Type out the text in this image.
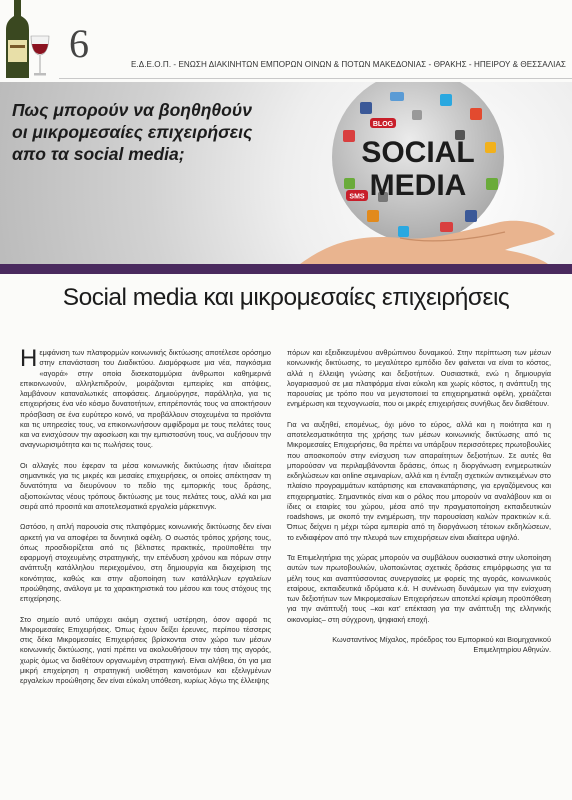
6	Ε.Δ.Ε.Ο.Π. - ΕΝΩΣΗ ΔΙΑΚΙΝΗΤΩΝ ΕΜΠΟΡΩΝ ΟΙΝΩΝ & ΠΟΤΩΝ ΜΑΚΕΔΟΝΙΑΣ - ΘΡΑΚΗΣ - ΗΠΕΙΡΟΥ & ΘΕΣΣΑΛΙΑΣ
Πως μπορούν να βοηθηθούν
οι μικρομεσαίες επιχειρήσεις
απο τα social media;
BLOG
SMS
SOCIAL
MEDIA
Social media και μικρομεσαίες επιχειρήσεις

Ηεμφάνιση των πλατφορμών κοινωνικής δικτύωσης αποτέλεσε ορόσημο στην επανάσταση του Διαδικτύου. Διαμόρφωσε μια νέα, παγκόσμια «αγορά» στην οποία δισεκατομμύρια άνθρωποι καθημερινά επικοινωνούν, αλληλεπιδρούν, μοιράζονται εμπειρίες και απόψεις, λαμβάνουν καταναλωτικές αποφάσεις. Δημιούργησε, παράλληλα, για τις επιχειρήσεις ένα νέο κόσμο δυνατοτήτων, επιτρέποντάς τους να αποκτήσουν πρόσβαση σε ένα ευρύτερο κοινό, να προβάλλουν στοχευμένα τα προϊόντα και τις υπηρεσίες τους, να επικοινωνήσουν αμφίδρομα με τους πελάτες τους και να ενισχύσουν την αφοσίωση και την εμπιστοσύνη τους, να αυξήσουν την αναγνωρισιμότητα και τις πωλήσεις τους.

Οι αλλαγές που έφεραν τα μέσα κοινωνικής δικτύωσης ήταν ιδιαίτερα σημαντικές για τις μικρές και μεσαίες επιχειρήσεις, οι οποίες απέκτησαν τη δυνατότητα να διευρύνουν το πεδίο της εμπορικής τους δράσης, αξιοποιώντας νέους τρόπους δικτύωσης με τους πελάτες τους, αλλά και μια σειρά από προσιτά και αποτελεσματικά εργαλεία μάρκετινγκ.

Ωστόσο, η απλή παρουσία στις πλατφόρμες κοινωνικής δικτύωσης δεν είναι αρκετή για να αποφέρει τα δυνητικά οφέλη. Ο σωστός τρόπος χρήσης τους, όπως προσδιορίζεται από τις βέλτιστες πρακτικές, προϋποθέτει την εφαρμογή στοχευμένης στρατηγικής, την επένδυση χρόνου και πόρων στην ανάπτυξη κατάλληλου περιεχομένου, στη δημιουργία και διαχείριση της κοινότητας, καθώς και στην αξιοποίηση των κατάλληλων εργαλείων προώθησης, ανάλογα με τα χαρακτηριστικά του μέσου και τους στόχους της επιχείρησης.

Στο σημείο αυτό υπάρχει ακόμη σχετική υστέρηση, όσον αφορά τις Μικρομεσαίες Επιχειρήσεις. Όπως έχουν δείξει έρευνες, περίπου τέσσερις στις δέκα Μικρομεσαίες Επιχειρήσεις βρίσκονται στον χώρο των μέσων κοινωνικής δικτύωσης, γιατί πρέπει να ακολουθήσουν την τάση της αγοράς, χωρίς όμως να διαθέτουν οργανωμένη στρατηγική. Είναι αλήθεια, ότι για μια μικρή επιχείρηση η στρατηγική υιοθέτηση καινοτόμων και εξελιγμένων εργαλείων προώθησης δεν είναι εύκολη υπόθεση, κυρίως λόγω της έλλειψης

πόρων και εξειδικευμένου ανθρώπινου δυναμικού. Στην περίπτωση των μέσων κοινωνικής δικτύωσης, το μεγαλύτερο εμπόδιο δεν φαίνεται να είναι το κόστος, αλλά η έλλειψη γνώσης και δεξιοτήτων. Ουσιαστικά, ενώ η δημιουργία λογαριασμού σε μια πλατφόρμα είναι εύκολη και χωρίς κόστος, η ανάπτυξη της παρουσίας με τρόπο που να μεγιστοποιεί τα επιχειρηματικά οφέλη, χρειάζεται ενημέρωση και τεχνογνωσία, που οι μικρές επιχειρήσεις συνήθως δεν διαθέτουν.

Για να αυξηθεί, επομένως, όχι μόνο το εύρος, αλλά και η ποιότητα και η αποτελεσματικότητα της χρήσης των μέσων κοινωνικής δικτύωσης από τις Μικρομεσαίες Επιχειρήσεις, θα πρέπει να υπάρξουν περισσότερες πρωτοβουλίες που αποσκοπούν στην ενίσχυση των απαραίτητων δεξιοτήτων. Σε αυτές θα μπορούσαν να περιλαμβάνονται δράσεις, όπως η διοργάνωση ενημερωτικών εκδηλώσεων και online σεμιναρίων, αλλά και η ένταξη σχετικών αντικειμένων στο πλαίσιο προγραμμάτων κατάρτισης και επανακατάρτισης, για εργαζόμενους και επιχειρηματίες. Σημαντικός είναι και ο ρόλος που μπορούν να αναλάβουν και οι ίδιες οι εταιρίες του χώρου, μέσα από την πραγματοποίηση εκπαιδευτικών roadshows, με σκοπό την ενημέρωση, την παρουσίαση καλών πρακτικών κ.ά. Όπως δείχνει η μέχρι τώρα εμπειρία από τη διοργάνωση τέτοιων εκδηλώσεων, το ενδιαφέρον από την πλευρά των επιχειρήσεων είναι ιδιαίτερα υψηλό.

Τα Επιμελητήρια της χώρας μπορούν να συμβάλουν ουσιαστικά στην υλοποίηση αυτών των πρωτοβουλιών, υλοποιώντας σχετικές δράσεις επιμόρφωσης για τα μέλη τους και αναπτύσσοντας συνεργασίες με φορείς της αγοράς, κοινωνικούς εταίρους, εκπαιδευτικά ιδρύματα κ.ά. Η συνένωση δυνάμεων για την ενίσχυση των δεξιοτήτων των Μικρομεσαίων Επιχειρήσεων αποτελεί κρίσιμη προϋπόθεση για την ανάπτυξή τους –και κατ' επέκταση για την ανάπτυξη της ελληνικής οικονομίας– στη σύγχρονη, ψηφιακή εποχή.

Κωνσταντίνος Μίχαλος, πρόεδρος του Εμπορικού και Βιομηχανικού Επιμελητηρίου Αθηνών.
